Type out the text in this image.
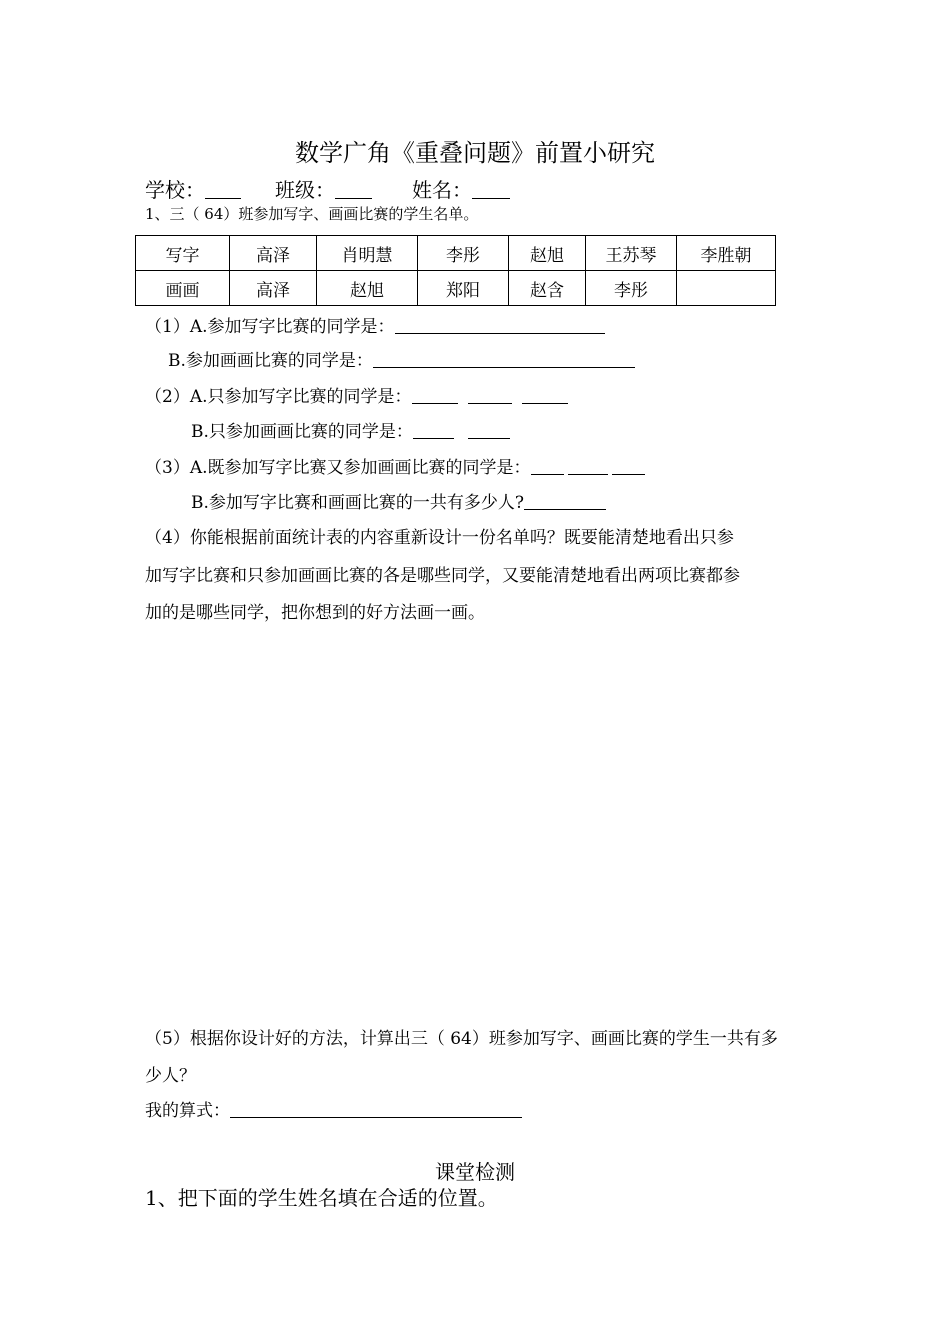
数学广角《重叠问题》前置小研究
学校：	班级：	姓名：
1、三（ 64）班参加写字、画画比赛的学生名单。
写字	高泽	肖明慧	李彤	赵旭	王苏琴	李胜朝
画画	高泽	赵旭	郑阳	赵含	李彤	
（1）A.参加写字比赛的同学是：
B.参加画画比赛的同学是：
（2）A.只参加写字比赛的同学是：
B.只参加画画比赛的同学是：
（3）A.既参加写字比赛又参加画画比赛的同学是：
B.参加写字比赛和画画比赛的一共有多少人?
（4）你能根据前面统计表的内容重新设计一份名单吗？既要能清楚地看出只参
加写字比赛和只参加画画比赛的各是哪些同学，又要能清楚地看出两项比赛都参
加的是哪些同学，把你想到的好方法画一画。
（5）根据你设计好的方法，计算出三（ 64）班参加写字、画画比赛的学生一共有多
少人？
我的算式：
课堂检测
1、把下面的学生姓名填在合适的位置。
